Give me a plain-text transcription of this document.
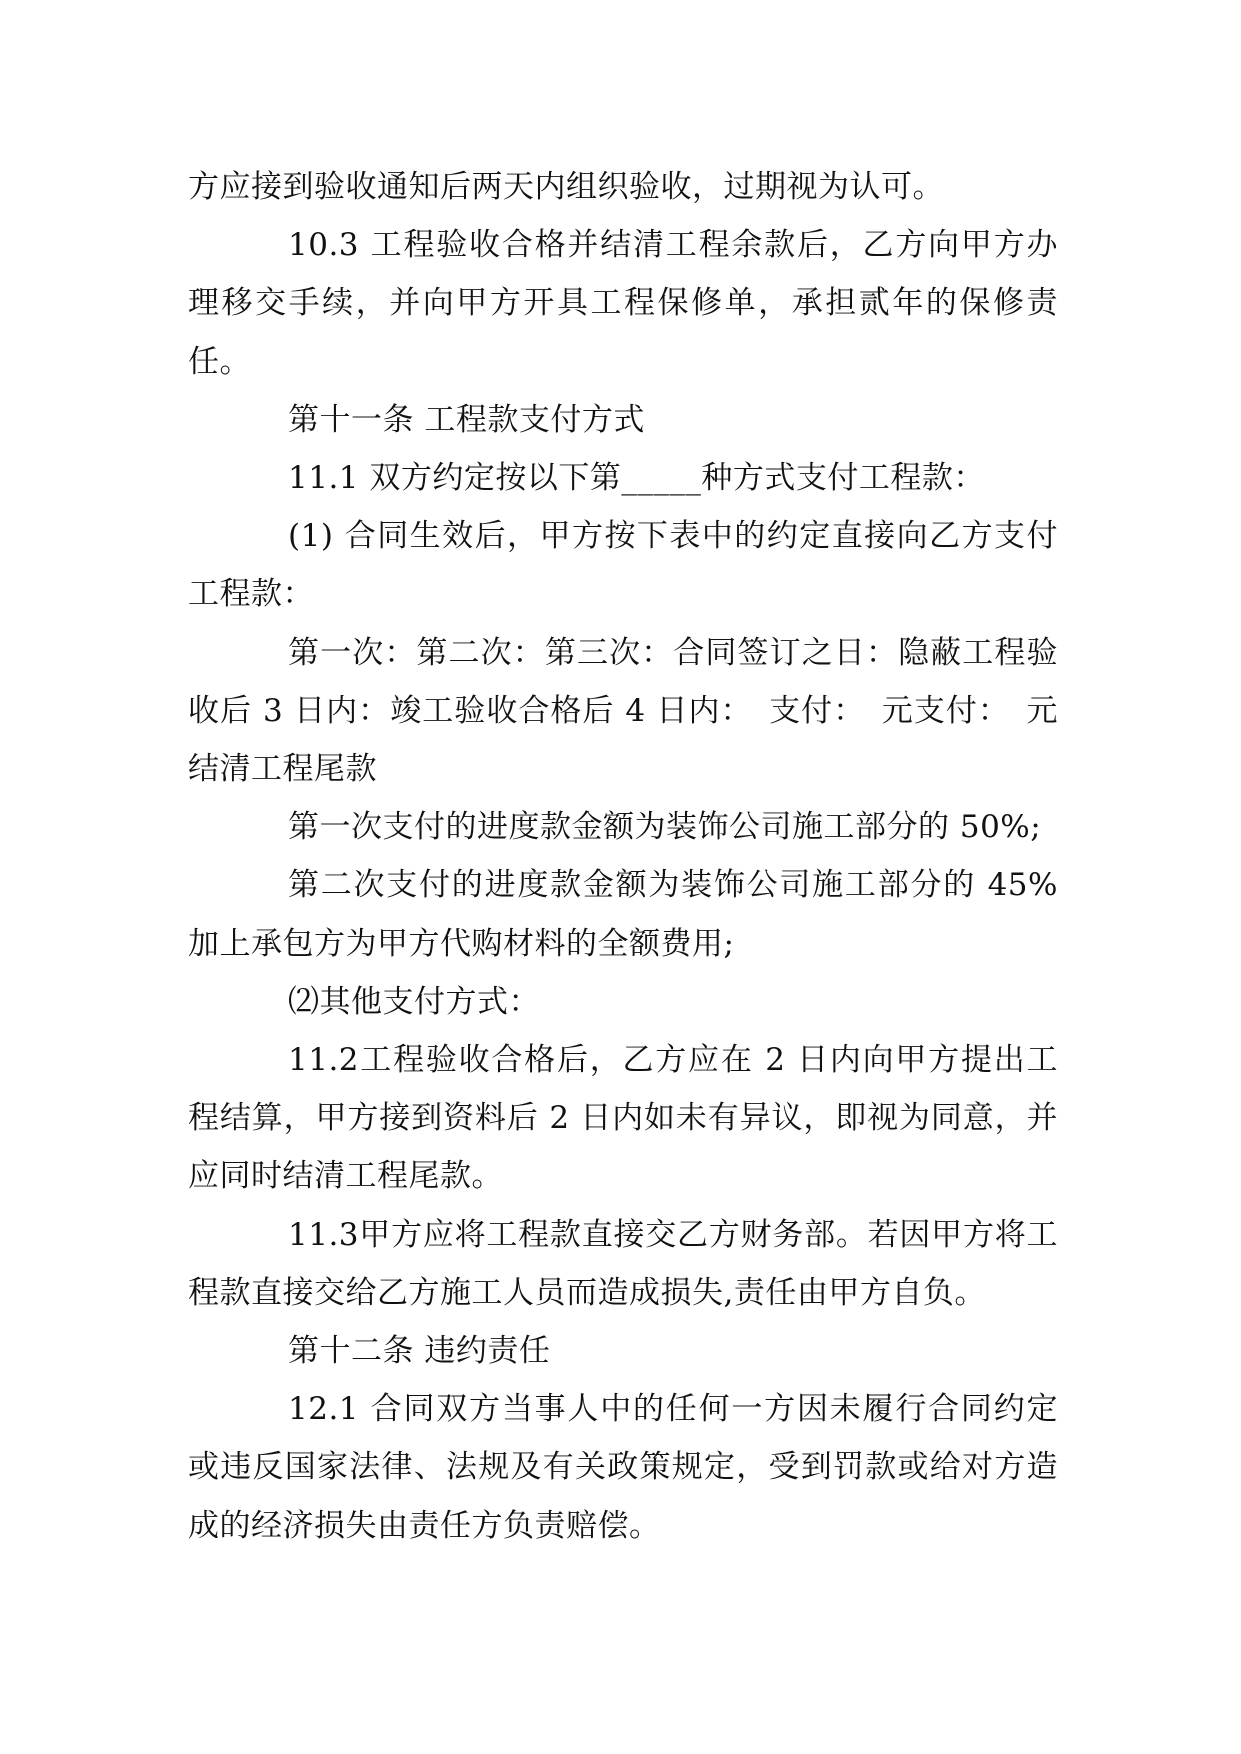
方应接到验收通知后两天内组织验收，过期视为认可。

10.3 工程验收合格并结清工程余款后，乙方向甲方办理移交手续，并向甲方开具工程保修单，承担贰年的保修责任。

第十一条 工程款支付方式

11.1 双方约定按以下第_____种方式支付工程款：

(1) 合同生效后，甲方按下表中的约定直接向乙方支付工程款：

第一次：第二次：第三次：合同签订之日：隐蔽工程验收后 3 日内：竣工验收合格后 4 日内：　支付：　元支付：　元结清工程尾款

第一次支付的进度款金额为装饰公司施工部分的 50%;

第二次支付的进度款金额为装饰公司施工部分的 45%加上承包方为甲方代购材料的全额费用;

⑵其他支付方式：

11.2工程验收合格后，乙方应在 2 日内向甲方提出工程结算，甲方接到资料后 2 日内如未有异议，即视为同意，并应同时结清工程尾款。

11.3甲方应将工程款直接交乙方财务部。若因甲方将工程款直接交给乙方施工人员而造成损失,责任由甲方自负。

第十二条 违约责任

12.1 合同双方当事人中的任何一方因未履行合同约定或违反国家法律、法规及有关政策规定，受到罚款或给对方造成的经济损失由责任方负责赔偿。
